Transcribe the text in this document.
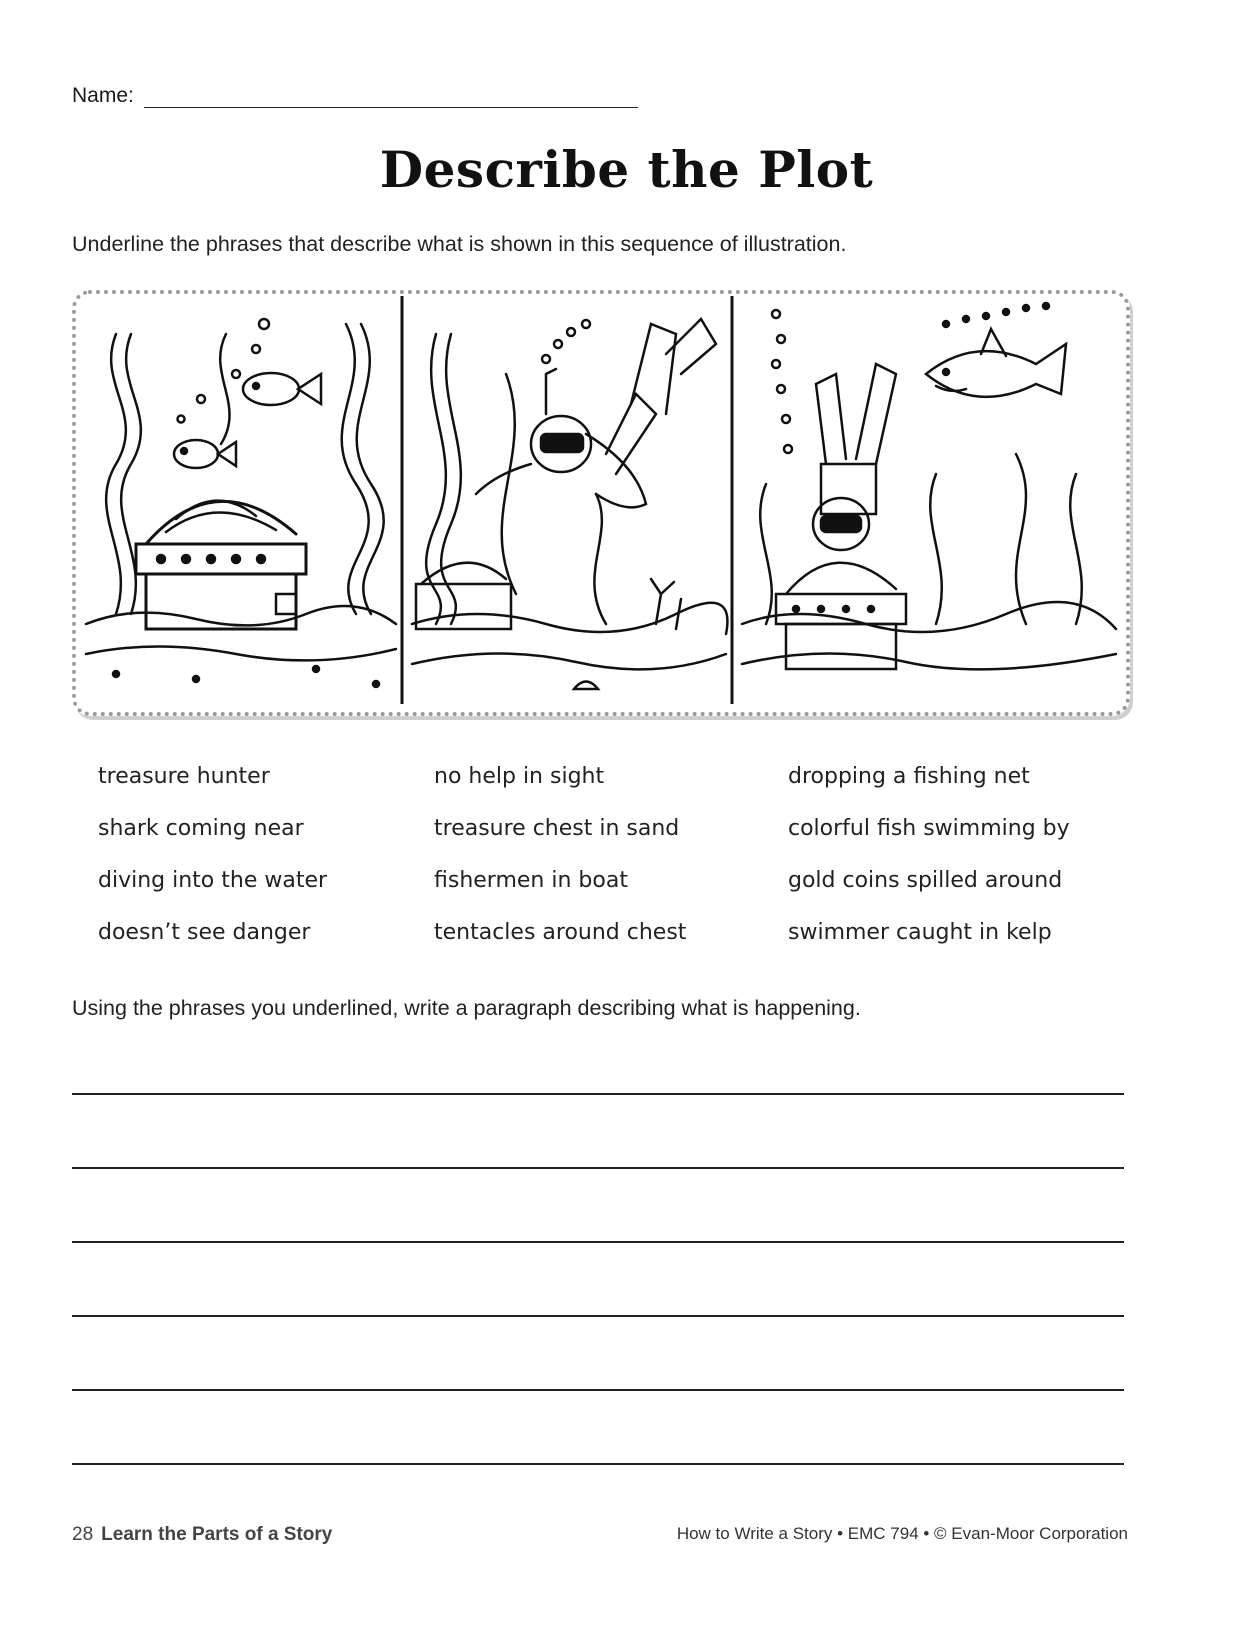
Name:
Describe the Plot
Underline the phrases that describe what is shown in this sequence of illustration.
treasure hunter
shark coming near
diving into the water
doesn’t see danger
no help in sight
treasure chest in sand
fishermen in boat
tentacles around chest
dropping a fishing net
colorful fish swimming by
gold coins spilled around
swimmer caught in kelp
Using the phrases you underlined, write a paragraph describing what is happening.
28 Learn the Parts of a Story	How to Write a Story • EMC 794 • © Evan-Moor Corporation
